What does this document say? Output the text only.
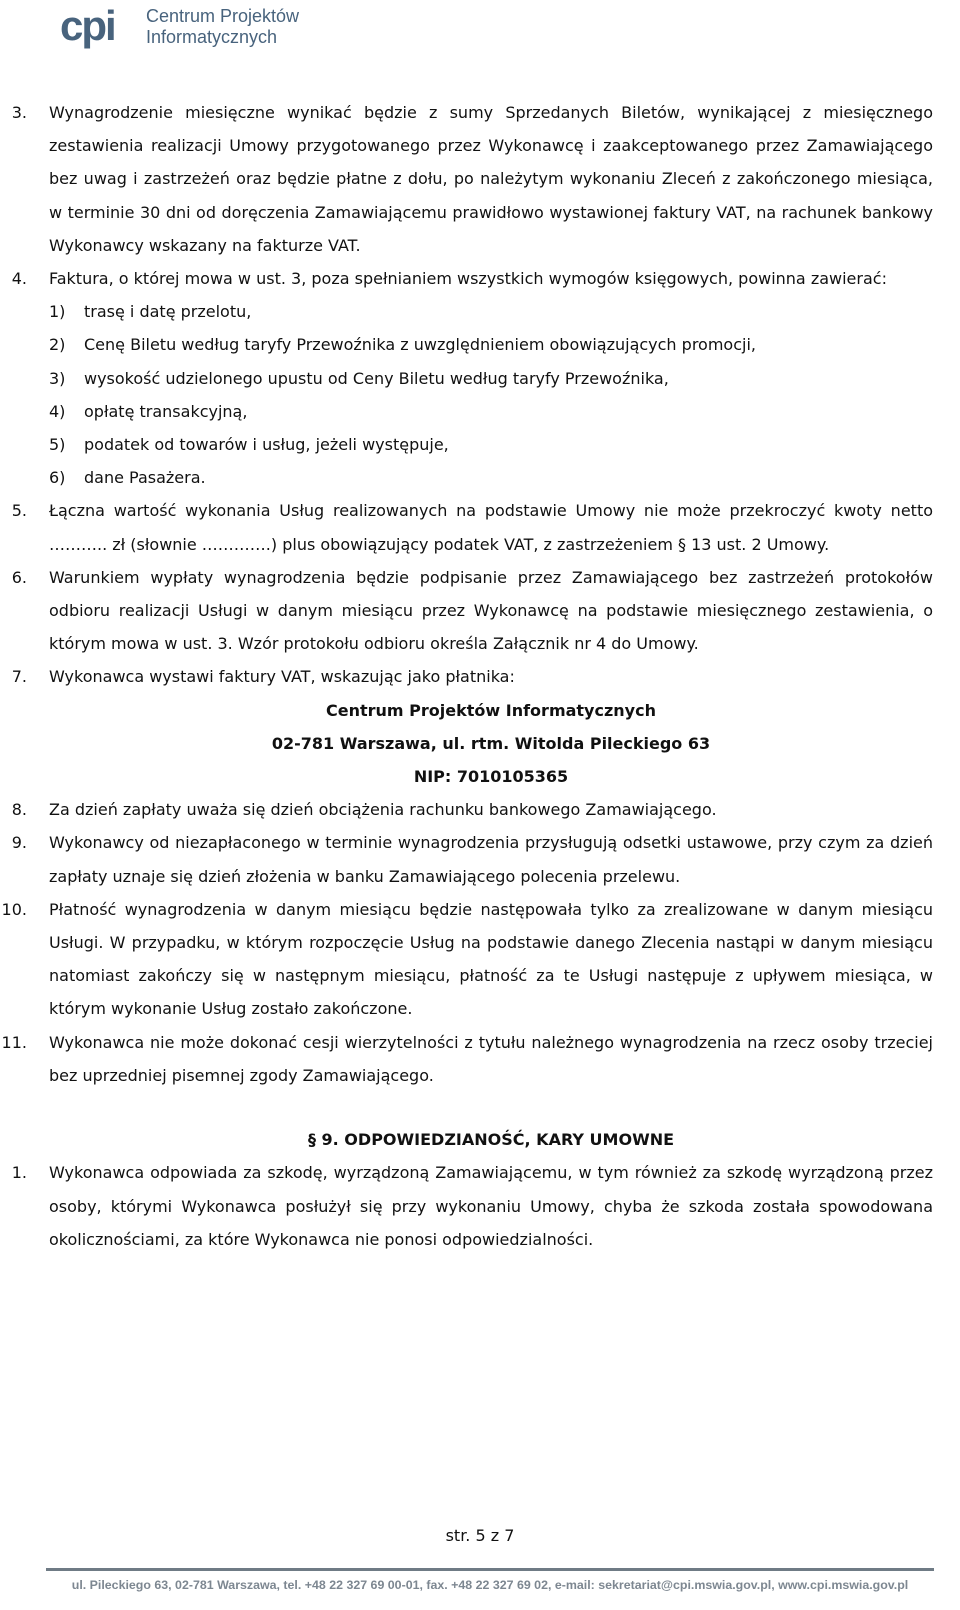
cpi Centrum Projektów
Informatycznych
3. Wynagrodzenie miesięczne wynikać będzie z sumy Sprzedanych Biletów, wynikającej z miesięcznego zestawienia realizacji Umowy przygotowanego przez Wykonawcę i zaakceptowanego przez Zamawiającego bez uwag i zastrzeżeń oraz będzie płatne z dołu, po należytym wykonaniu Zleceń z zakończonego miesiąca, w terminie 30 dni od doręczenia Zamawiającemu prawidłowo wystawionej faktury VAT, na rachunek bankowy Wykonawcy wskazany na fakturze VAT.
4. Faktura, o której mowa w ust. 3, poza spełnianiem wszystkich wymogów księgowych, powinna zawierać:
1) trasę i datę przelotu,
2) Cenę Biletu według taryfy Przewoźnika z uwzględnieniem obowiązujących promocji,
3) wysokość udzielonego upustu od Ceny Biletu według taryfy Przewoźnika,
4) opłatę transakcyjną,
5) podatek od towarów i usług, jeżeli występuje,
6) dane Pasażera.
5. Łączna wartość wykonania Usług realizowanych na podstawie Umowy nie może przekroczyć kwoty netto ……….. zł (słownie ………….) plus obowiązujący podatek VAT, z zastrzeżeniem § 13 ust. 2 Umowy.
6. Warunkiem wypłaty wynagrodzenia będzie podpisanie przez Zamawiającego bez zastrzeżeń protokołów odbioru realizacji Usługi w danym miesiącu przez Wykonawcę na podstawie miesięcznego zestawienia, o którym mowa w ust. 3. Wzór protokołu odbioru określa Załącznik nr 4 do Umowy.
7. Wykonawca wystawi faktury VAT, wskazując jako płatnika:
Centrum Projektów Informatycznych
02-781 Warszawa, ul. rtm. Witolda Pileckiego 63
NIP: 7010105365
8. Za dzień zapłaty uważa się dzień obciążenia rachunku bankowego Zamawiającego.
9. Wykonawcy od niezapłaconego w terminie wynagrodzenia przysługują odsetki ustawowe, przy czym za dzień zapłaty uznaje się dzień złożenia w banku Zamawiającego polecenia przelewu.
10. Płatność wynagrodzenia w danym miesiącu będzie następowała tylko za zrealizowane w danym miesiącu Usługi. W przypadku, w którym rozpoczęcie Usług na podstawie danego Zlecenia nastąpi w danym miesiącu natomiast zakończy się w następnym miesiącu, płatność za te Usługi następuje z upływem miesiąca, w którym wykonanie Usług zostało zakończone.
11. Wykonawca nie może dokonać cesji wierzytelności z tytułu należnego wynagrodzenia na rzecz osoby trzeciej bez uprzedniej pisemnej zgody Zamawiającego.
§ 9. ODPOWIEDZIANOŚĆ, KARY UMOWNE
1. Wykonawca odpowiada za szkodę, wyrządzoną Zamawiającemu, w tym również za szkodę wyrządzoną przez osoby, którymi Wykonawca posłużył się przy wykonaniu Umowy, chyba że szkoda została spowodowana okolicznościami, za które Wykonawca nie ponosi odpowiedzialności.
str. 5 z 7
ul. Pileckiego 63, 02-781 Warszawa, tel. +48 22 327 69 00-01, fax. +48 22 327 69 02, e-mail: sekretariat@cpi.mswia.gov.pl, www.cpi.mswia.gov.pl
